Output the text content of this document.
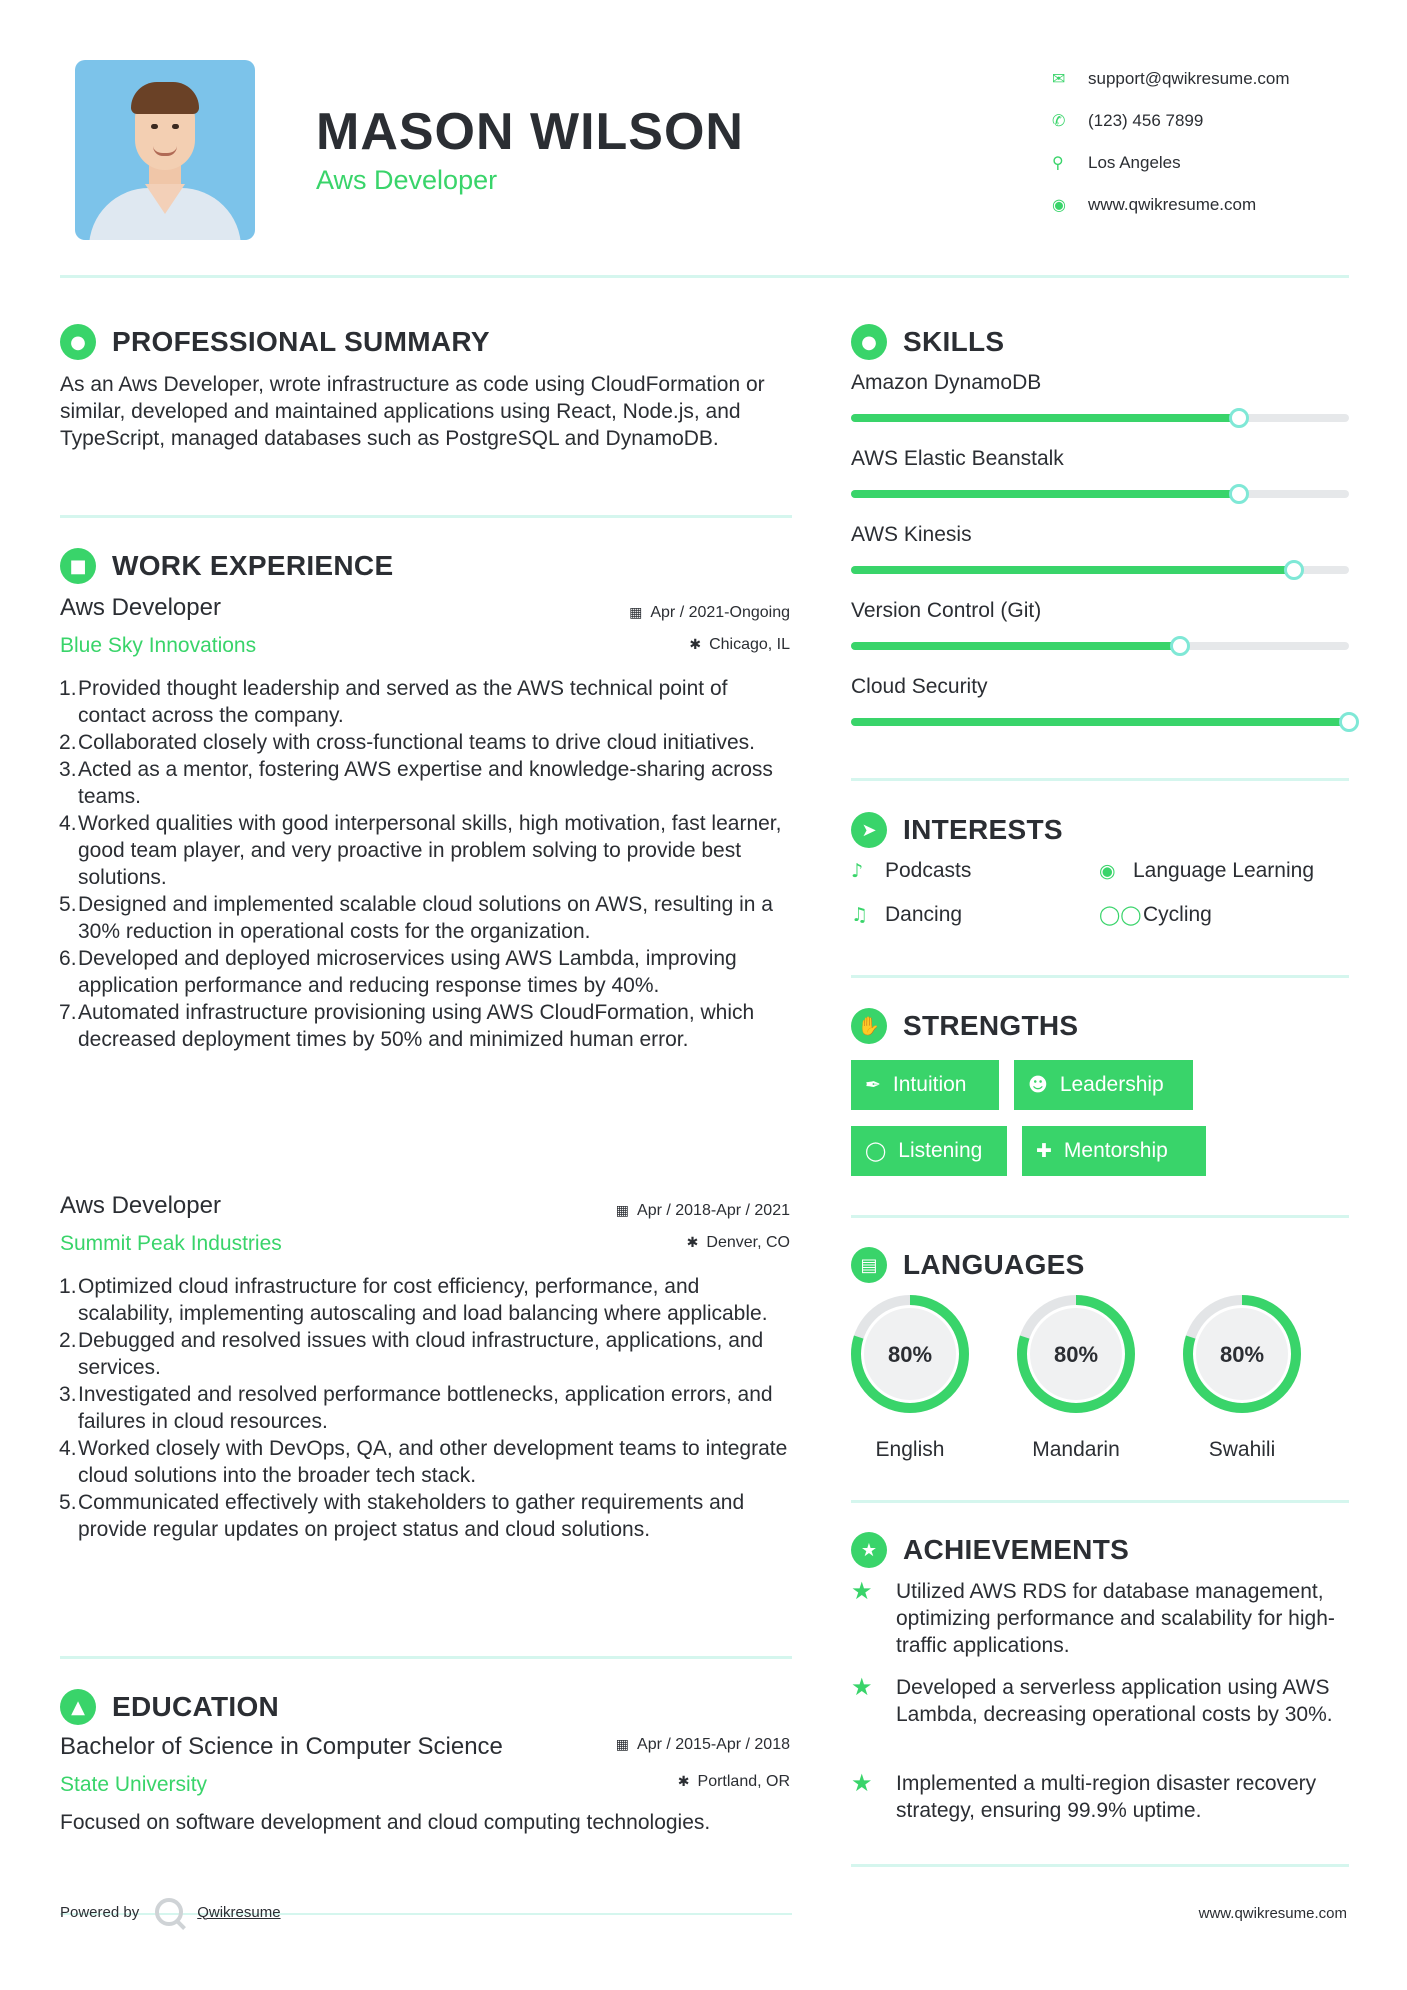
MASON WILSON
Aws Developer
✉	support@qwikresume.com
✆	(123) 456 7899
⚲	Los Angeles
◉	www.qwikresume.com
● PROFESSIONAL SUMMARY
As an Aws Developer, wrote infrastructure as code using CloudFormation or similar, developed and maintained applications using React, Node.js, and TypeScript, managed databases such as PostgreSQL and DynamoDB.
■ WORK EXPERIENCE
Aws Developer
Blue Sky Innovations
▦ Apr / 2021-Ongoing
✱ Chicago, IL
Provided thought leadership and served as the AWS technical point of contact across the company.
Collaborated closely with cross-functional teams to drive cloud initiatives.
Acted as a mentor, fostering AWS expertise and knowledge-sharing across teams.
Worked qualities with good interpersonal skills, high motivation, fast learner, good team player, and very proactive in problem solving to provide best solutions.
Designed and implemented scalable cloud solutions on AWS, resulting in a 30% reduction in operational costs for the organization.
Developed and deployed microservices using AWS Lambda, improving application performance and reducing response times by 40%.
Automated infrastructure provisioning using AWS CloudFormation, which decreased deployment times by 50% and minimized human error.
Aws Developer
Summit Peak Industries
▦ Apr / 2018-Apr / 2021
✱ Denver, CO
Optimized cloud infrastructure for cost efficiency, performance, and scalability, implementing autoscaling and load balancing where applicable.
Debugged and resolved issues with cloud infrastructure, applications, and services.
Investigated and resolved performance bottlenecks, application errors, and failures in cloud resources.
Worked closely with DevOps, QA, and other development teams to integrate cloud solutions into the broader tech stack.
Communicated effectively with stakeholders to gather requirements and provide regular updates on project status and cloud solutions.
▲ EDUCATION
Bachelor of Science in Computer Science
State University
▦ Apr / 2015-Apr / 2018
✱ Portland, OR
Focused on software development and cloud computing technologies.
● SKILLS
Amazon DynamoDB
AWS Elastic Beanstalk
AWS Kinesis
Version Control (Git)
Cloud Security
➤ INTERESTS
♪	Podcasts	◉ Language Learning
♫ Dancing	◯◯ Cycling
✋ STRENGTHS
✒ Intuition	☻ Leadership
◯ Listening	✚ Mentorship
▤ LANGUAGES
80%
English
80%
Mandarin
80%
Swahili
★ ACHIEVEMENTS
★	Utilized AWS RDS for database management, optimizing performance and scalability for high-traffic applications.
★	Developed a serverless application using AWS Lambda, decreasing operational costs by 30%.
★	Implemented a multi-region disaster recovery strategy, ensuring 99.9% uptime.
Powered by	Qwikresume	www.qwikresume.com
